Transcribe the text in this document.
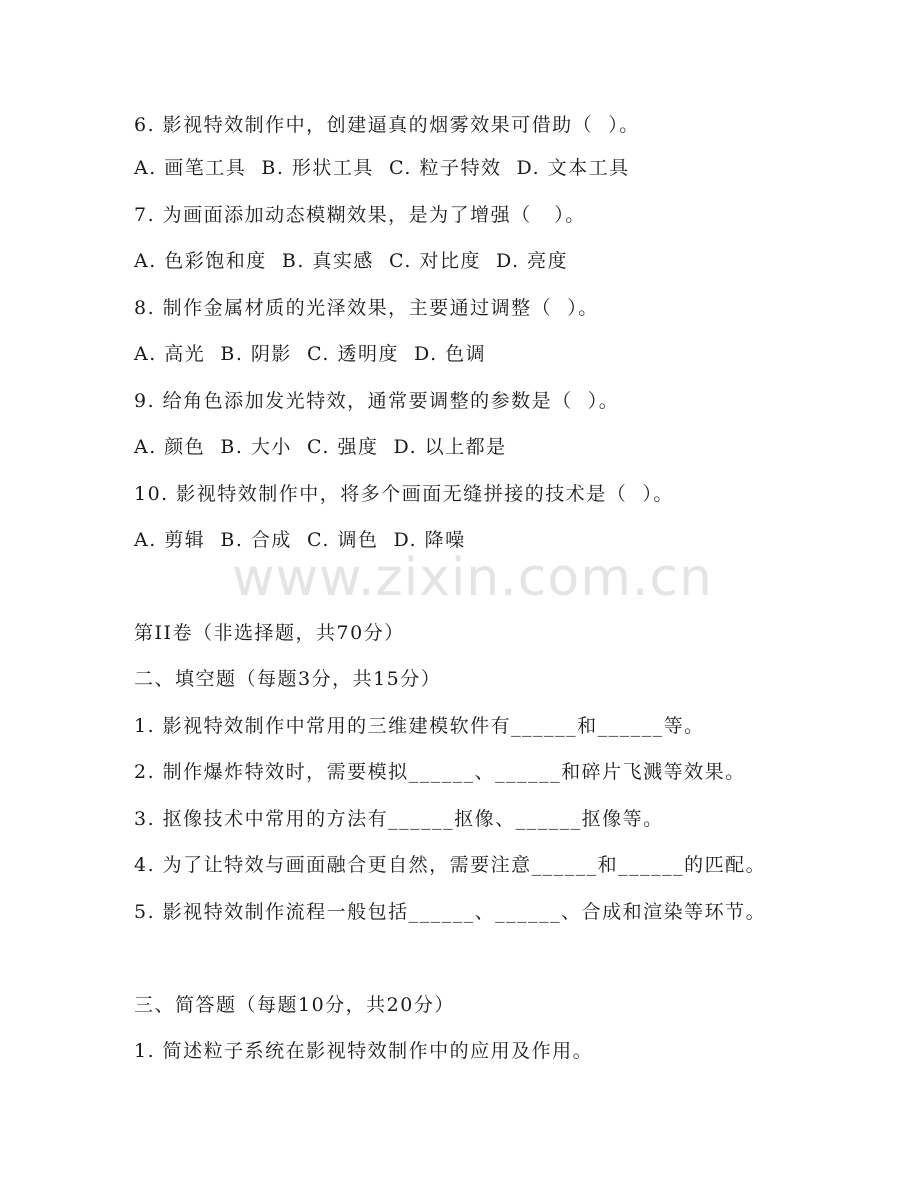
www.zixin.com.cn
6. 影视特效制作中，创建逼真的烟雾效果可借助（  ）。
A. 画笔工具  B. 形状工具  C. 粒子特效  D. 文本工具
7. 为画面添加动态模糊效果，是为了增强（   ）。
A. 色彩饱和度  B. 真实感  C. 对比度  D. 亮度
8. 制作金属材质的光泽效果，主要通过调整（  ）。
A. 高光  B. 阴影  C. 透明度  D. 色调
9. 给角色添加发光特效，通常要调整的参数是（  ）。
A. 颜色  B. 大小  C. 强度  D. 以上都是
10. 影视特效制作中，将多个画面无缝拼接的技术是（  ）。
A. 剪辑  B. 合成  C. 调色  D. 降噪
第II卷（非选择题，共70分）
二、填空题（每题3分，共15分）
1. 影视特效制作中常用的三维建模软件有______和______等。
2. 制作爆炸特效时，需要模拟______、______和碎片飞溅等效果。
3. 抠像技术中常用的方法有______抠像、______抠像等。
4. 为了让特效与画面融合更自然，需要注意______和______的匹配。
5. 影视特效制作流程一般包括______、______、合成和渲染等环节。
三、简答题（每题10分，共20分）
1. 简述粒子系统在影视特效制作中的应用及作用。
